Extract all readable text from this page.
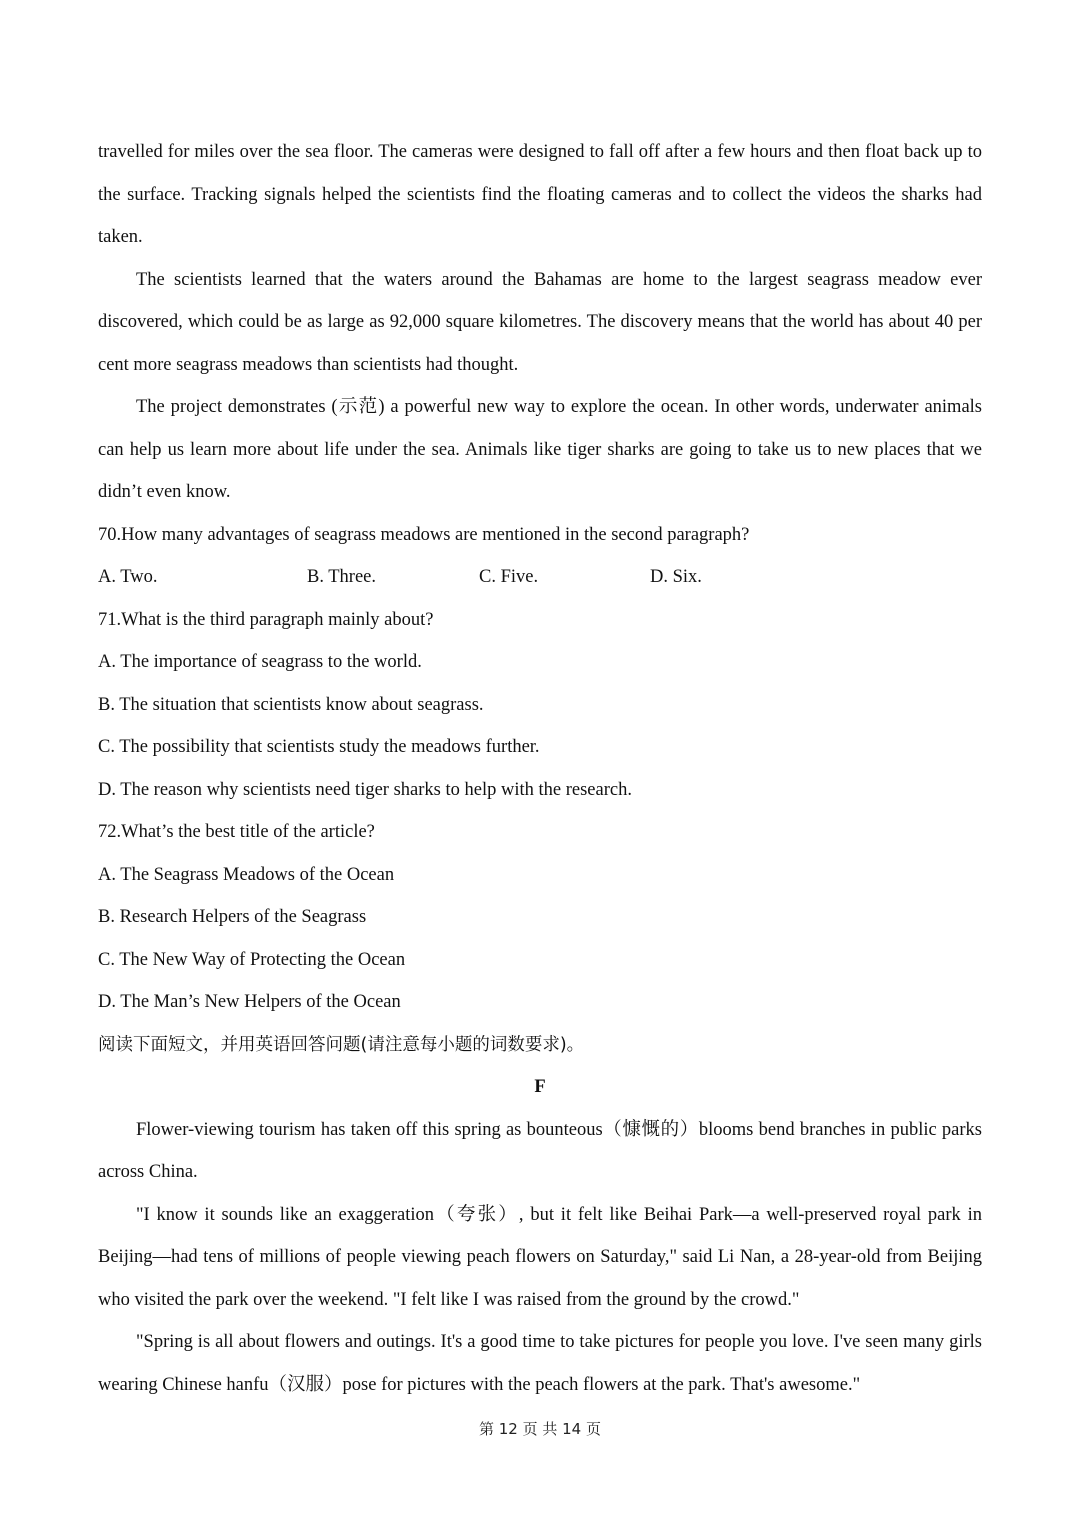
travelled for miles over the sea floor. The cameras were designed to fall off after a few hours and then float back up to the surface. Tracking signals helped the scientists find the floating cameras and to collect the videos the sharks had taken.
The scientists learned that the waters around the Bahamas are home to the largest seagrass meadow ever discovered, which could be as large as 92,000 square kilometres. The discovery means that the world has about 40 per cent more seagrass meadows than scientists had thought.
The project demonstrates (示范) a powerful new way to explore the ocean. In other words, underwater animals can help us learn more about life under the sea. Animals like tiger sharks are going to take us to new places that we didn’t even know.
70.How many advantages of seagrass meadows are mentioned in the second paragraph?
A. Two.	B. Three.	C. Five.	D. Six.
71.What is the third paragraph mainly about?
A. The importance of seagrass to the world.
B. The situation that scientists know about seagrass.
C. The possibility that scientists study the meadows further.
D. The reason why scientists need tiger sharks to help with the research.
72.What’s the best title of the article?
A. The Seagrass Meadows of the Ocean
B. Research Helpers of the Seagrass
C. The New Way of Protecting the Ocean
D. The Man’s New Helpers of the Ocean
阅读下面短文，并用英语回答问题(请注意每小题的词数要求)。
F
Flower-viewing tourism has taken off this spring as bounteous（慷慨的）blooms bend branches in public parks across China.
"I know it sounds like an exaggeration（夸张）, but it felt like Beihai Park—a well-preserved royal park in Beijing—had tens of millions of people viewing peach flowers on Saturday," said Li Nan, a 28-year-old from Beijing who visited the park over the weekend. "I felt like I was raised from the ground by the crowd."
"Spring is all about flowers and outings. It's a good time to take pictures for people you love. I've seen many girls wearing Chinese hanfu（汉服）pose for pictures with the peach flowers at the park. That's awesome."
第 12 页 共 14 页
